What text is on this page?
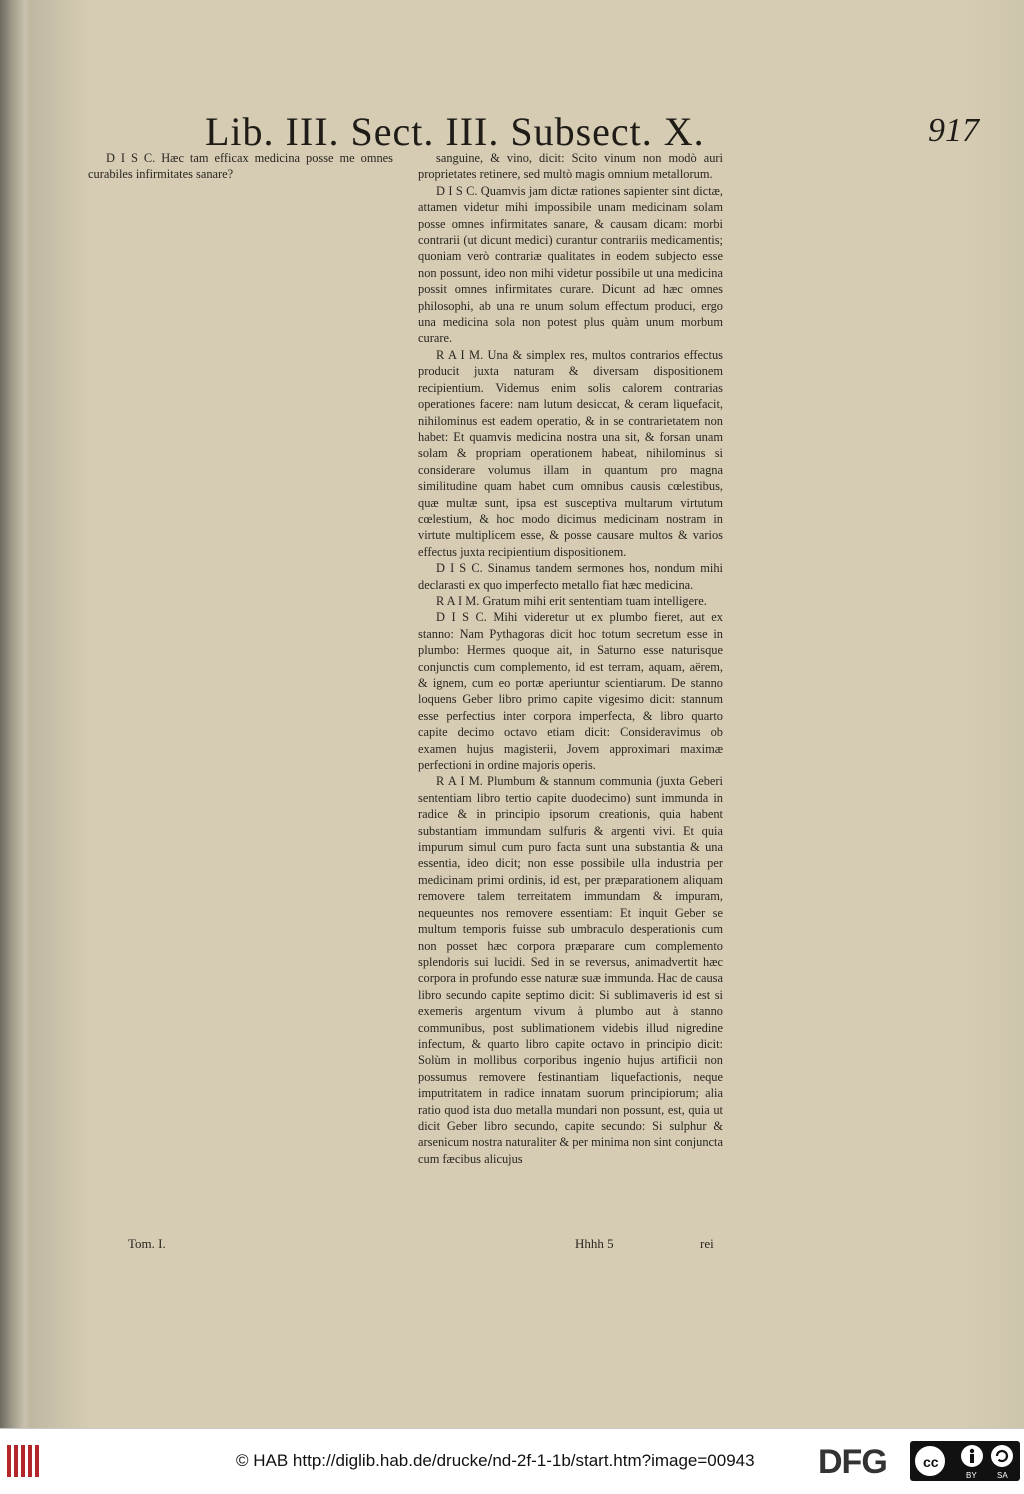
Lib. III. Sect. III. Subsect. X.	917

D I S C. Hæc tam efficax medicina posse me omnes curabiles infirmitates sanare?

sanguine, & vino, dicit: Scito vinum non modò auri proprietates retinere, sed multò magis omnium metallorum.

D I S C. Quamvis jam dictæ rationes sapienter sint dictæ, attamen videtur mihi impossibile unam medicinam solam posse omnes infirmitates sanare, & causam dicam: morbi contrarii (ut dicunt medici) curantur contrariis medicamentis; quoniam verò contrariæ qualitates in eodem subjecto esse non possunt, ideo non mihi videtur possibile ut una medicina possit omnes infirmitates curare. Dicunt ad hæc omnes philosophi, ab una re unum solum effectum produci, ergo una medicina sola non potest plus quàm unum morbum curare.

R A I M. Una & simplex res, multos contrarios effectus producit juxta naturam & diversam dispositionem recipientium. Videmus enim solis calorem contrarias operationes facere: nam lutum desiccat, & ceram liquefacit, nihilominus est eadem operatio, & in se contrarietatem non habet: Et quamvis medicina nostra una sit, & forsan unam solam & propriam operationem habeat, nihilominus si considerare volumus illam in quantum pro magna similitudine quam habet cum omnibus causis cœlestibus, quæ multæ sunt, ipsa est susceptiva multarum virtutum cœlestium, & hoc modo dicimus medicinam nostram in virtute multiplicem esse, & posse causare multos & varios effectus juxta recipientium dispositionem.

D I S C. Sinamus tandem sermones hos, nondum mihi declarasti ex quo imperfecto metallo fiat hæc medicina.

R A I M. Gratum mihi erit sententiam tuam intelligere.

D I S C. Mihi videretur ut ex plumbo fieret, aut ex stanno: Nam Pythagoras dicit hoc totum secretum esse in plumbo: Hermes quoque ait, in Saturno esse naturisque conjunctis cum complemento, id est terram, aquam, aërem, & ignem, cum eo portæ aperiuntur scientiarum. De stanno loquens Geber libro primo capite vigesimo dicit: stannum esse perfectius inter corpora imperfecta, & libro quarto capite decimo octavo etiam dicit: Consideravimus ob examen hujus magisterii, Jovem approximari maximæ perfectioni in ordine majoris operis.

R A I M. Plumbum & stannum communia (juxta Geberi sententiam libro tertio capite duodecimo) sunt immunda in radice & in principio ipsorum creationis, quia habent substantiam immundam sulfuris & argenti vivi. Et quia impurum simul cum puro facta sunt una substantia & una essentia, ideo dicit; non esse possibile ulla industria per medicinam primi ordinis, id est, per præparationem aliquam removere talem terreitatem immundam & impuram, nequeuntes nos removere essentiam: Et inquit Geber se multum temporis fuisse sub umbraculo desperationis cum non posset hæc corpora præparare cum complemento splendoris sui lucidi. Sed in se reversus, animadvertit hæc corpora in profundo esse naturæ suæ immunda. Hac de causa libro secundo capite septimo dicit: Si sublimaveris id est si exemeris argentum vivum à plumbo aut à stanno communibus, post sublimationem videbis illud nigredine infectum, & quarto libro capite octavo in principio dicit: Solùm in mollibus corporibus ingenio hujus artificii non possumus removere festinantiam liquefactionis, neque imputritatem in radice innatam suorum principiorum; alia ratio quod ista duo metalla mundari non possunt, est, quia ut dicit Geber libro secundo, capite secundo: Si sulphur & arsenicum nostra naturaliter & per minima non sint conjuncta cum fæcibus alicujus

Tom. I.	Hhhh 5	rei
© HAB http://diglib.hab.de/drucke/nd-2f-1-1b/start.htm?image=00943 DFG	cc
BY	SA
